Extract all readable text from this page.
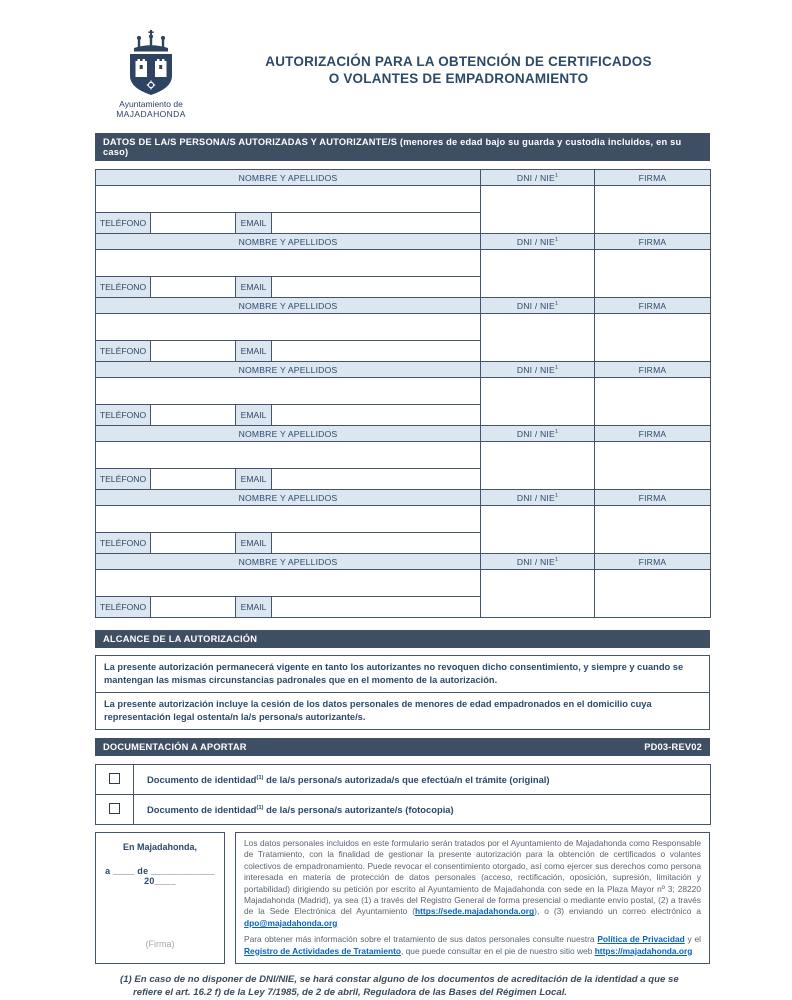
Ayuntamiento de
MAJADAHONDA
AUTORIZACIÓN PARA LA OBTENCIÓN DE CERTIFICADOS
O VOLANTES DE EMPADRONAMIENTO
DATOS DE LA/S PERSONA/S AUTORIZADAS Y AUTORIZANTE/S (menores de edad bajo su guarda y custodia incluidos, en su caso)
NOMBRE Y APELLIDOS				DNI / NIE$^1$	FIRMA

TELÉFONO		EMAIL			
NOMBRE Y APELLIDOS				DNI / NIE$^1$	FIRMA

TELÉFONO		EMAIL			
NOMBRE Y APELLIDOS				DNI / NIE$^1$	FIRMA

TELÉFONO		EMAIL			
NOMBRE Y APELLIDOS				DNI / NIE$^1$	FIRMA

TELÉFONO		EMAIL			
NOMBRE Y APELLIDOS				DNI / NIE$^1$	FIRMA

TELÉFONO		EMAIL			
NOMBRE Y APELLIDOS				DNI / NIE$^1$	FIRMA

TELÉFONO		EMAIL			
NOMBRE Y APELLIDOS				DNI / NIE$^1$	FIRMA

TELÉFONO		EMAIL			
ALCANCE DE LA AUTORIZACIÓN

La presente autorización permanecerá vigente en tanto los autorizantes no revoquen dicho consentimiento, y siempre y cuando se mantengan las mismas circunstancias padronales que en el momento de la autorización.

La presente autorización incluye la cesión de los datos personales de menores de edad empadronados en el domicilio cuya representación legal ostenta/n la/s persona/s autorizante/s.

DOCUMENTACIÓN A APORTAR	PD03-REV02
	Documento de identidad$^{(1)}$ de la/s persona/s autorizada/s que efectúa/n el trámite (original)
	Documento de identidad$^{(1)}$ de la/s persona/s autorizante/s (fotocopia)
En Majadahonda,
a ____ de ____________ 20____
(Firma)

Los datos personales incluidos en este formulario serán tratados por el Ayuntamiento de Majadahonda como Responsable de Tratamiento, con la finalidad de gestionar la presente autorización para la obtención de certificados o volantes colectivos de empadronamiento. Puede revocar el consentimiento otorgado, así como ejercer sus derechos como persona interesada en materia de protección de datos personales (acceso, rectificación, oposición, supresión, limitación y portabilidad) dirigiendo su petición por escrito al Ayuntamiento de Majadahonda con sede en la Plaza Mayor nº 3; 28220 Majadahonda (Madrid), ya sea (1) a través del Registro General de forma presencial o mediante envío postal, (2) a través de la Sede Electrónica del Ayuntamiento (https://sede.majadahonda.org), o (3) enviando un correo electrónico a dpo@majadahonda.org

Para obtener más información sobre el tratamiento de sus datos personales consulte nuestra Política de Privacidad y el Registro de Actividades de Tratamiento, que puede consultar en el pie de nuestro sitio web https://majadahonda.org

(1) En caso de no disponer de DNI/NIE, se hará constar alguno de los documentos de acreditación de la identidad a que se refiere el art. 16.2 f) de la Ley 7/1985, de 2 de abril, Reguladora de las Bases del Régimen Local.
